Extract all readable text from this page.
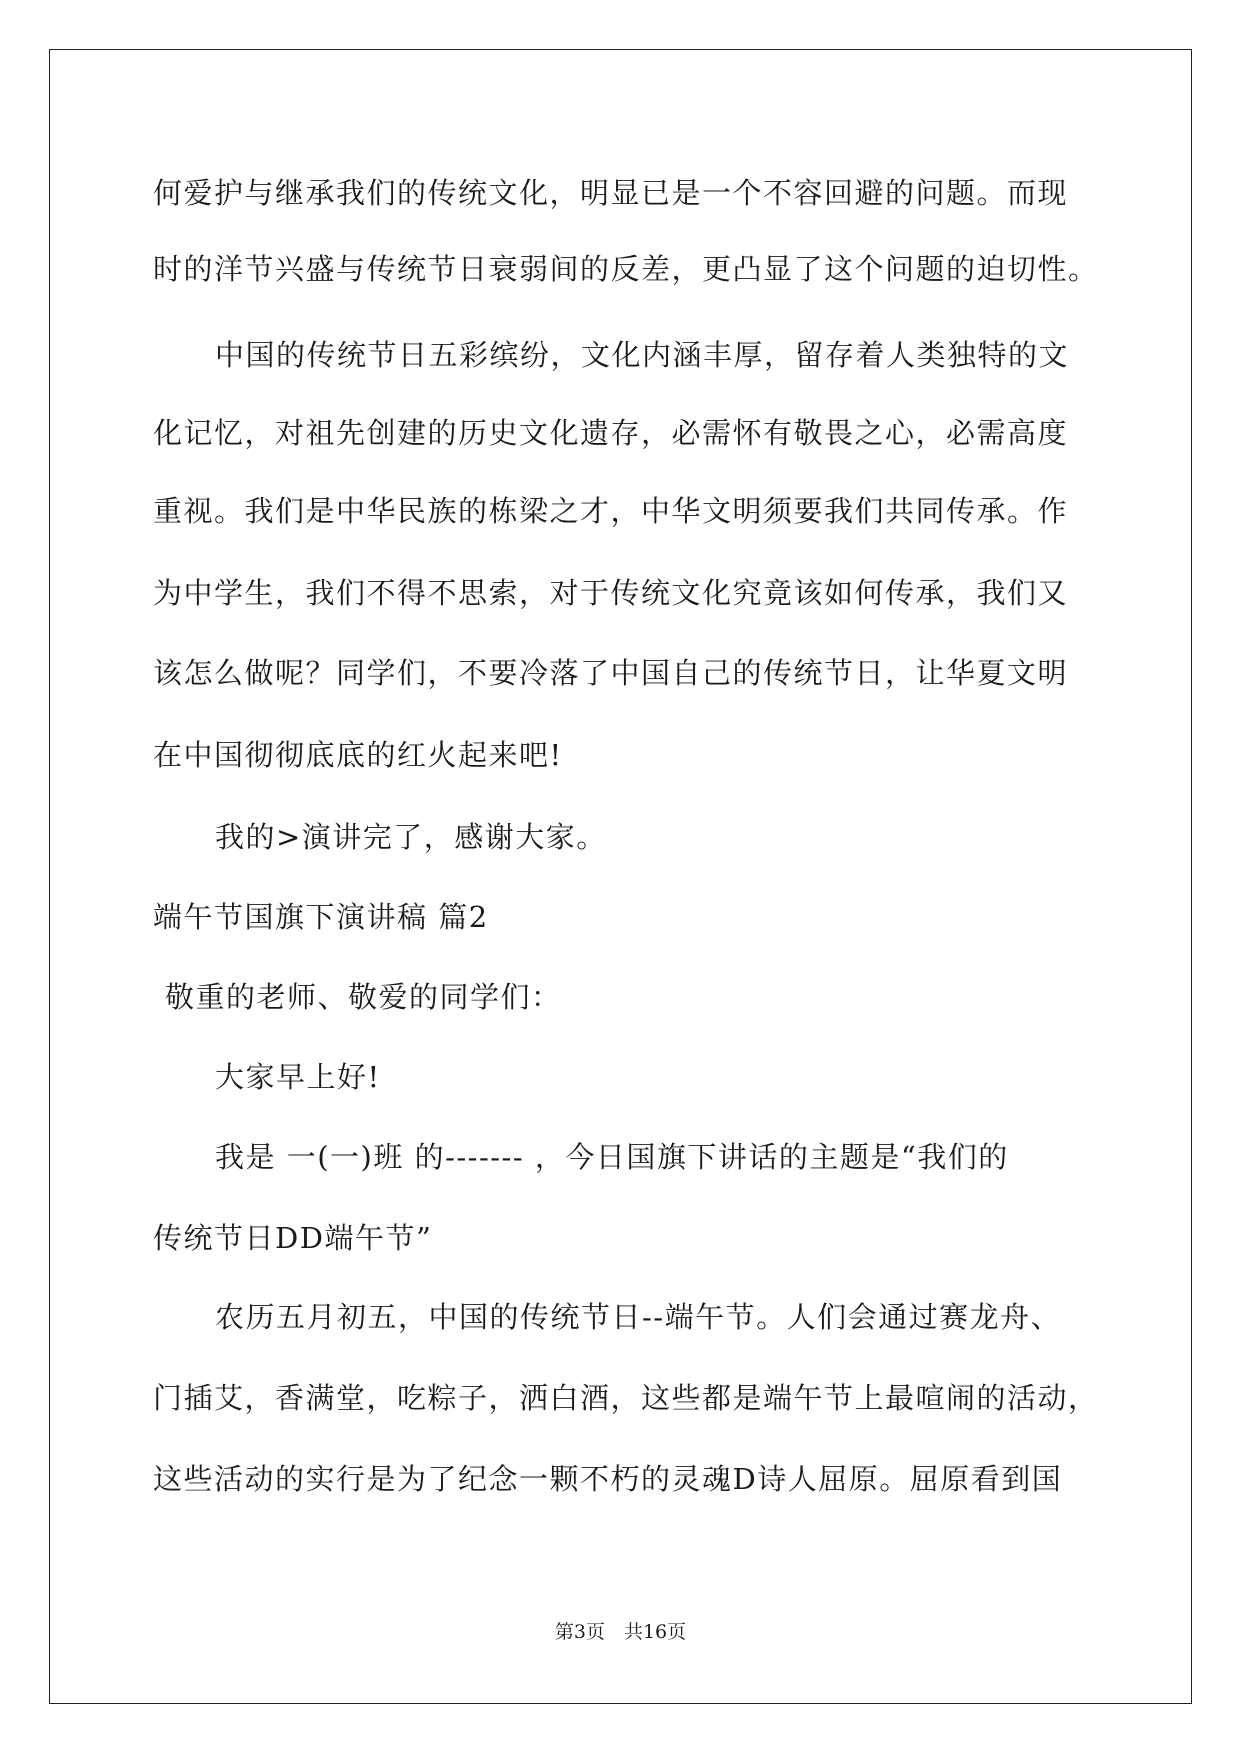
何爱护与继承我们的传统文化，明显已是一个不容回避的问题。而现
时的洋节兴盛与传统节日衰弱间的反差，更凸显了这个问题的迫切性。
中国的传统节日五彩缤纷，文化内涵丰厚，留存着人类独特的文
化记忆，对祖先创建的历史文化遗存，必需怀有敬畏之心，必需高度
重视。我们是中华民族的栋梁之才，中华文明须要我们共同传承。作
为中学生，我们不得不思索，对于传统文化究竟该如何传承，我们又
该怎么做呢？同学们，不要冷落了中国自己的传统节日，让华夏文明
在中国彻彻底底的红火起来吧!
我的>演讲完了，感谢大家。
端午节国旗下演讲稿 篇2
敬重的老师、敬爱的同学们：
大家早上好!
我是 一(一)班 的------- ，今日国旗下讲话的主题是“我们的
传统节日DD端午节”
农历五月初五，中国的传统节日--端午节。人们会通过赛龙舟、
门插艾，香满堂，吃粽子，洒白酒，这些都是端午节上最喧闹的活动，
这些活动的实行是为了纪念一颗不朽的灵魂D诗人屈原。屈原看到国
第3页　共16页
